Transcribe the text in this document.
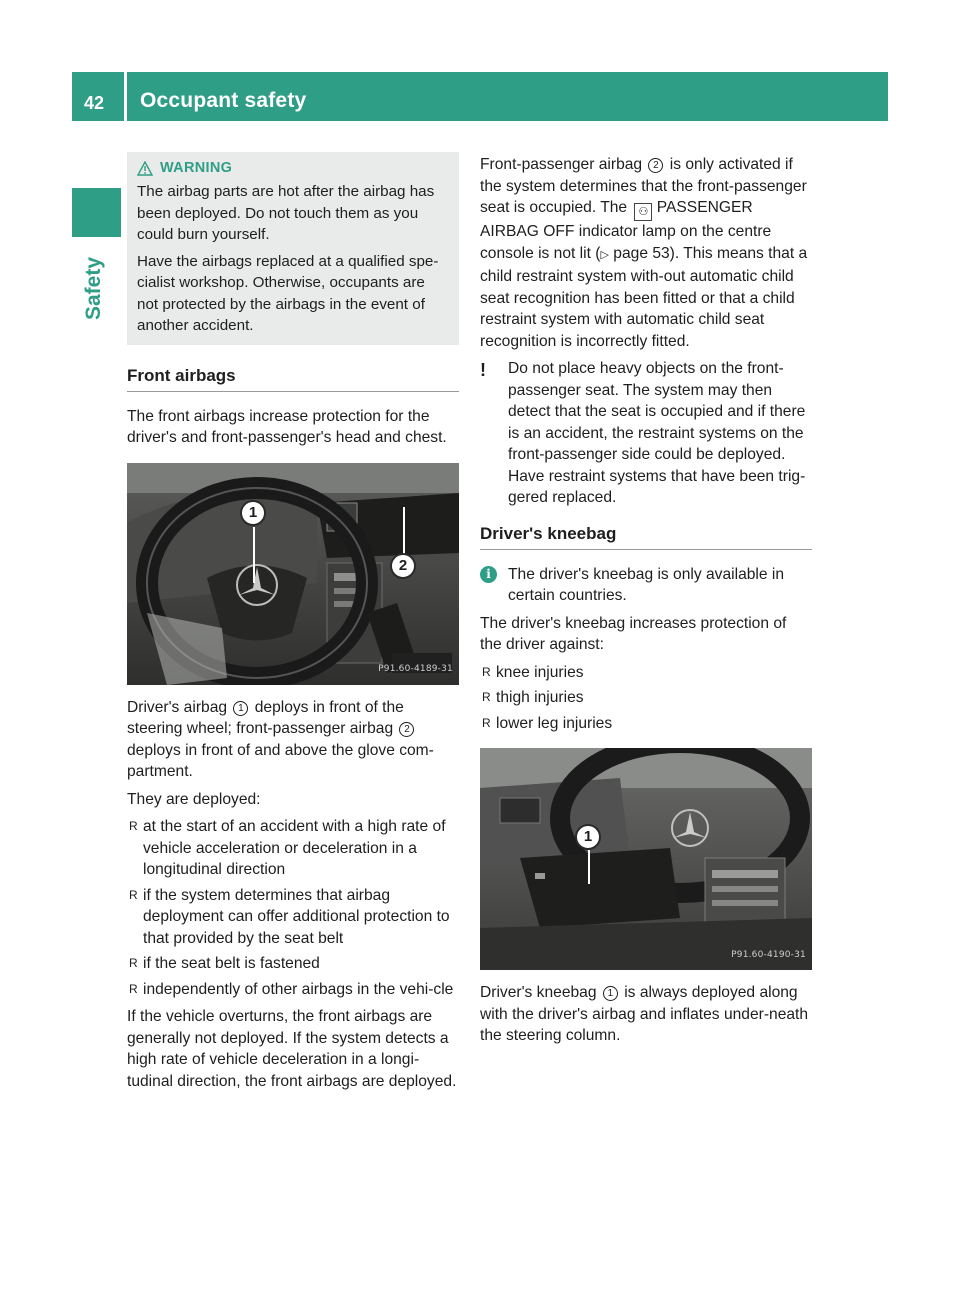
42 Occupant safety
Safety
WARNING

The airbag parts are hot after the airbag has been deployed. Do not touch them as you could burn yourself.

Have the airbags replaced at a qualified spe-cialist workshop. Otherwise, occupants are not protected by the airbags in the event of another accident.

Front airbags

The front airbags increase protection for the driver's and front-passenger's head and chest.

1
2
P91.60-4189-31

Driver's airbag 1 deploys in front of the steering wheel; front-passenger airbag 2 deploys in front of and above the glove com-partment.

They are deployed:

R at the start of an accident with a high rate of vehicle acceleration or deceleration in a longitudinal direction
R if the system determines that airbag deployment can offer additional protection to that provided by the seat belt
R if the seat belt is fastened
R independently of other airbags in the vehi-cle

If the vehicle overturns, the front airbags are generally not deployed. If the system detects a high rate of vehicle deceleration in a longi-tudinal direction, the front airbags are deployed.

Front-passenger airbag 2 is only activated if the system determines that the front-passenger seat is occupied. The ⚇ PASSENGER AIRBAG OFF indicator lamp on the centre console is not lit (▷ page 53). This means that a child restraint system with-out automatic child seat recognition has been fitted or that a child restraint system with automatic child seat recognition is incorrectly fitted.

! Do not place heavy objects on the front-passenger seat. The system may then detect that the seat is occupied and if there is an accident, the restraint systems on the front-passenger side could be deployed. Have restraint systems that have been trig-gered replaced.
Driver's kneebag
i	The driver's kneebag is only available in certain countries.

The driver's kneebag increases protection of the driver against:

R knee injuries
R thigh injuries
R lower leg injuries
1
P91.60-4190-31

Driver's kneebag 1 is always deployed along with the driver's airbag and inflates under-neath the steering column.
